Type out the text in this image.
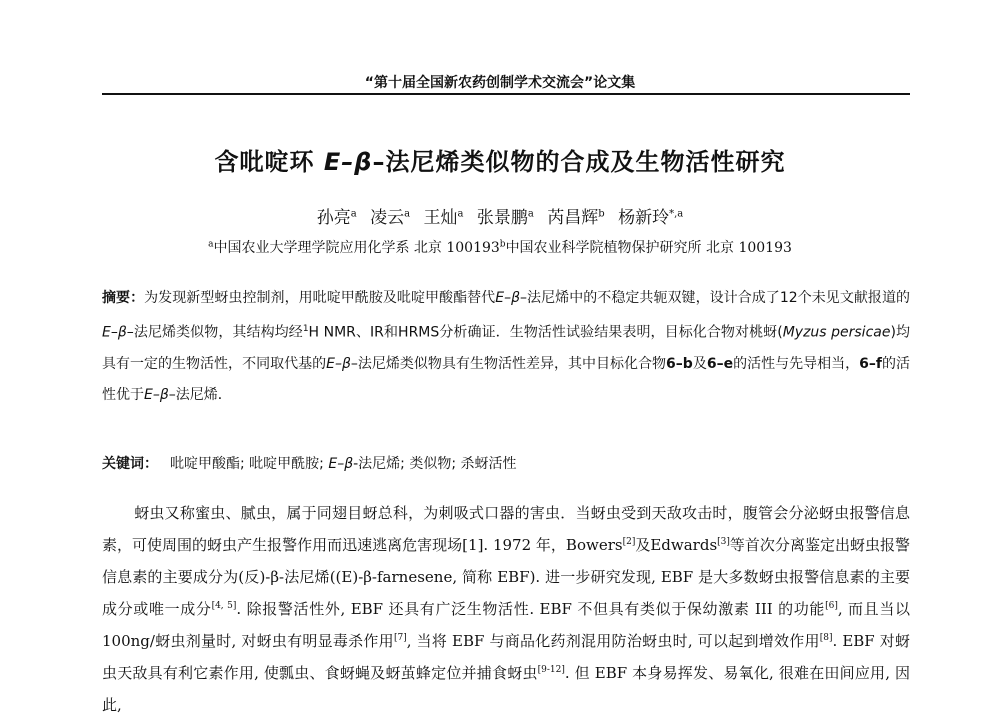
“第十届全国新农药创制学术交流会”论文集
含吡啶环 E–β–法尼烯类似物的合成及生物活性研究
孙亮$^a$ 凌云$^a$ 王灿$^a$ 张景鹏$^a$ 芮昌辉$^b$ 杨新玲$^{*,a}$
$^a$中国农业大学理学院应用化学系 北京 100193$^b$中国农业科学院植物保护研究所 北京 100193
摘要：为发现新型蚜虫控制剂，用吡啶甲酰胺及吡啶甲酸酯替代E–β–法尼烯中的不稳定共轭双键，设计合成了12个未见文献报道的E–β–法尼烯类似物，其结构均经$^1$H NMR、IR和HRMS分析确证．生物活性试验结果表明，目标化合物对桃蚜(Myzus persicae)均具有一定的生物活性，不同取代基的E–β–法尼烯类似物具有生物活性差异，其中目标化合物6–b及6–e的活性与先导相当，6–f的活性优于E–β–法尼烯．
关键词： 吡啶甲酸酯; 吡啶甲酰胺; E–β-法尼烯; 类似物; 杀蚜活性
蚜虫又称蜜虫、腻虫，属于同翅目蚜总科，为刺吸式口器的害虫．当蚜虫受到天敌攻击时，腹管会分泌蚜虫报警信息素，可使周围的蚜虫产生报警作用而迅速逃离危害现场[1]. 1972 年，Bowers[2]及Edwards[3]等首次分离鉴定出蚜虫报警信息素的主要成分为(反)-β-法尼烯((E)-β-farnesene, 简称 EBF). 进一步研究发现, EBF 是大多数蚜虫报警信息素的主要成分或唯一成分[4, 5]. 除报警活性外, EBF 还具有广泛生物活性. EBF 不但具有类似于保幼激素 III 的功能[6], 而且当以 100ng/蚜虫剂量时, 对蚜虫有明显毒杀作用[7], 当将 EBF 与商品化药剂混用防治蚜虫时, 可以起到增效作用[8]. EBF 对蚜虫天敌具有利它素作用, 使瓢虫、食蚜蝇及蚜茧蜂定位并捕食蚜虫[9-12]. 但 EBF 本身易挥发、易氧化, 很难在田间应用, 因此,
